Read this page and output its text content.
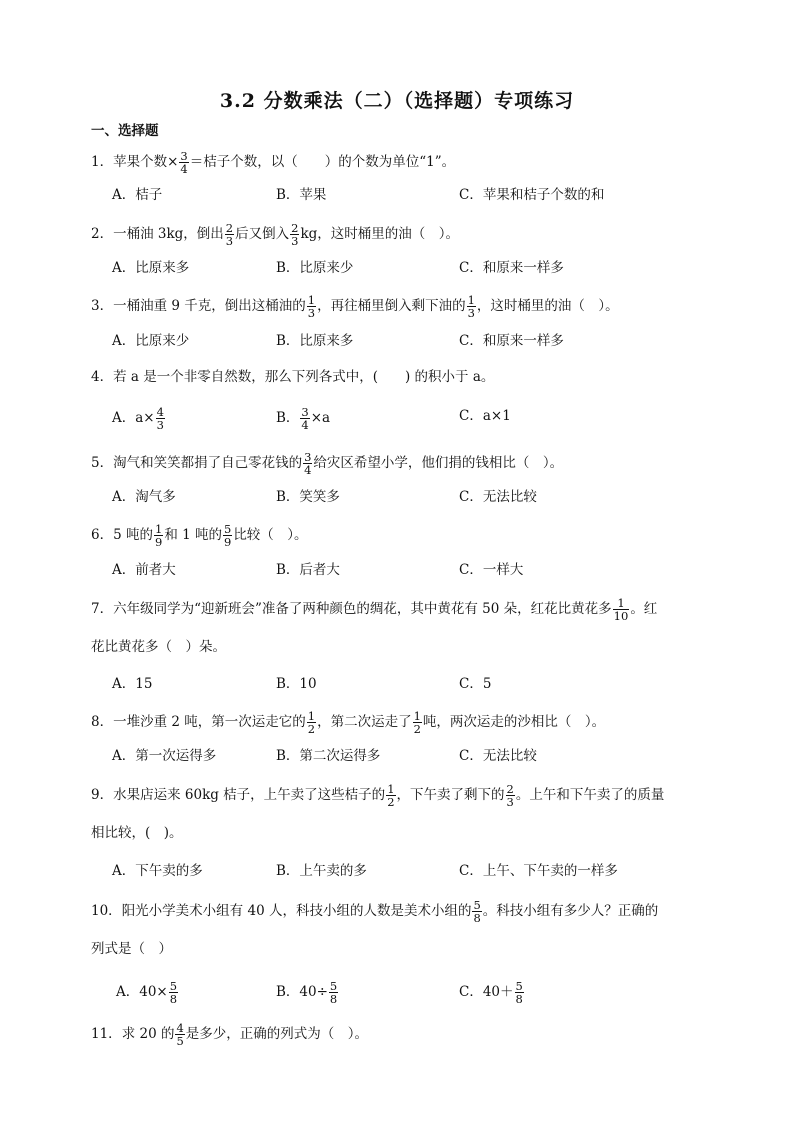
3.2 分数乘法（二）（选择题）专项练习
一、选择题
1．苹果个数× $\frac{3}{4}$ ＝桔子个数，以（　　）的个数为单位“1”。
A．桔子	B．苹果	C．苹果和桔子个数的和
2．一桶油 3kg，倒出 $\frac{2}{3}$ 后又倒入 $\frac{2}{3}$ kg，这时桶里的油（　）。
A．比原来多	B．比原来少	C．和原来一样多
3．一桶油重 9 千克，倒出这桶油的 $\frac{1}{3}$ ，再往桶里倒入剩下油的 $\frac{1}{3}$ ，这时桶里的油（　）。
A．比原来少	B．比原来多	C．和原来一样多
4．若 a 是一个非零自然数，那么下列各式中，(　　) 的积小于 a。
A．$a\times \frac{4}{3}$	B． $\frac{3}{4} \times a$	C．a×1
5．淘气和笑笑都捐了自己零花钱的 $\frac{3}{4}$ 给灾区希望小学，他们捐的钱相比（　）。
A．淘气多	B．笑笑多	C．无法比较
6．5 吨的 $\frac{1}{9}$ 和 1 吨的 $\frac{5}{9}$ 比较（　）。
A．前者大	B．后者大	C．一样大
7．六年级同学为“迎新班会”准备了两种颜色的绸花，其中黄花有 50 朵，红花比黄花多 $\frac{1}{10}$ 。红
花比黄花多（　）朵。
A．15	B．10	C．5
8．一堆沙重 2 吨，第一次运走它的 $\frac{1}{2}$ ，第二次运走了 $\frac{1}{2}$ 吨，两次运走的沙相比（　）。
A．第一次运得多	B．第二次运得多	C．无法比较
9．水果店运来 60kg 桔子，上午卖了这些桔子的 $\frac{1}{2}$ ，下午卖了剩下的 $\frac{2}{3}$ 。上午和下午卖了的质量
相比较，(　)。
A．下午卖的多	B．上午卖的多	C．上午、下午卖的一样多
10．阳光小学美术小组有 40 人，科技小组的人数是美术小组的 $\frac{5}{8}$ 。科技小组有多少人？正确的
列式是（　）
A．$40\times \frac{5}{8}$	B．$40\div \frac{5}{8}$	C．$40+ \frac{5}{8}$
11．求 20 的 $\frac{4}{5}$ 是多少，正确的列式为（　）。
